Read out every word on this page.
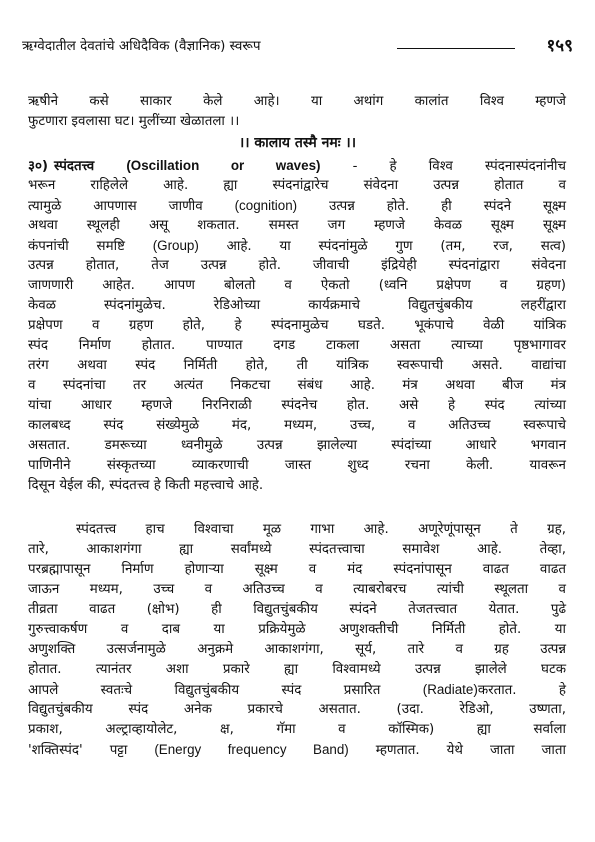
ऋग्वेदातील देवतांचे अधिदैविक (वैज्ञानिक) स्वरूप	१५९
ऋषीने कसे साकार केले आहे। या अथांग कालांत विश्व म्हणजे
फुटणारा इवलासा घट। मुलींच्या खेळातला ।।
।। कालाय तस्मै नमः ।।
३०) स्पंदतत्त्व (Oscillation or waves) - हे विश्व स्पंदनास्पंदनांनीच
भरून राहिलेले आहे. ह्या स्पंदनांद्वारेच संवेदना उत्पन्न होतात व
त्यामुळे आपणास जाणीव (cognition) उत्पन्न होते. ही स्पंदने सूक्ष्म
अथवा स्थूलही असू शकतात. समस्त जग म्हणजे केवळ सूक्ष्म सूक्ष्म
कंपनांची समष्टि (Group) आहे. या स्पंदनांमुळे गुण (तम, रज, सत्व)
उत्पन्न होतात, तेज उत्पन्न होते. जीवाची इंद्रियेही स्पंदनांद्वारा संवेदना
जाणणारी आहेत. आपण बोलतो व ऐकतो (ध्वनि प्रक्षेपण व ग्रहण)
केवळ स्पंदनांमुळेच. रेडिओच्या कार्यक्रमाचे विद्युतचुंबकीय लहरींद्वारा
प्रक्षेपण व ग्रहण होते, हे स्पंदनामुळेच घडते. भूकंपाचे वेळी यांत्रिक
स्पंद निर्माण होतात. पाण्यात दगड टाकला असता त्याच्या पृष्ठभागावर
तरंग अथवा स्पंद निर्मिती होते, ती यांत्रिक स्वरूपाची असते. वाद्यांचा
व स्पंदनांचा तर अत्यंत निकटचा संबंध आहे. मंत्र अथवा बीज मंत्र
यांचा आधार म्हणजे निरनिराळी स्पंदनेच होत. असे हे स्पंद त्यांच्या
कालबध्द स्पंद संख्येमुळे मंद, मध्यम, उच्च, व अतिउच्च स्वरूपाचे
असतात. डमरूच्या ध्वनीमुळे उत्पन्न झालेल्या स्पंदांच्या आधारे भगवान
पाणिनीने संस्कृतच्या व्याकरणाची जास्त शुध्द रचना केली. यावरून
दिसून येईल की, स्पंदतत्त्व हे किती महत्त्वाचे आहे.
स्पंदतत्त्व हाच विश्वाचा मूळ गाभा आहे. अणूरेणूंपासून ते ग्रह,
तारे, आकाशगंगा ह्या सर्वांमध्ये स्पंदतत्त्वाचा समावेश आहे. तेव्हा,
परब्रह्मापासून निर्माण होणाऱ्या सूक्ष्म व मंद स्पंदनांपासून वाढत वाढत
जाऊन मध्यम, उच्च व अतिउच्च व त्याबरोबरच त्यांची स्थूलता व
तीव्रता वाढत (क्षोभ) ही विद्युतचुंबकीय स्पंदने तेजतत्त्वात येतात. पुढे
गुरुत्त्वाकर्षण व दाब या प्रक्रियेमुळे अणुशक्तीची निर्मिती होते. या
अणुशक्ति उत्सर्जनामुळे अनुक्रमे आकाशगंगा, सूर्य, तारे व ग्रह उत्पन्न
होतात. त्यानंतर अशा प्रकारे ह्या विश्वामध्ये उत्पन्न झालेले घटक
आपले स्वतःचे विद्युतचुंबकीय स्पंद प्रसारित (Radiate)करतात. हे
विद्युतचुंबकीय स्पंद अनेक प्रकारचे असतात. (उदा. रेडिओ, उष्णता,
प्रकाश, अल्ट्राव्हायोलेट, क्ष, गॅमा व कॉस्मिक) ह्या सर्वाला
'शक्तिस्पंद' पट्टा (Energy frequency Band) म्हणतात. येथे जाता जाता
